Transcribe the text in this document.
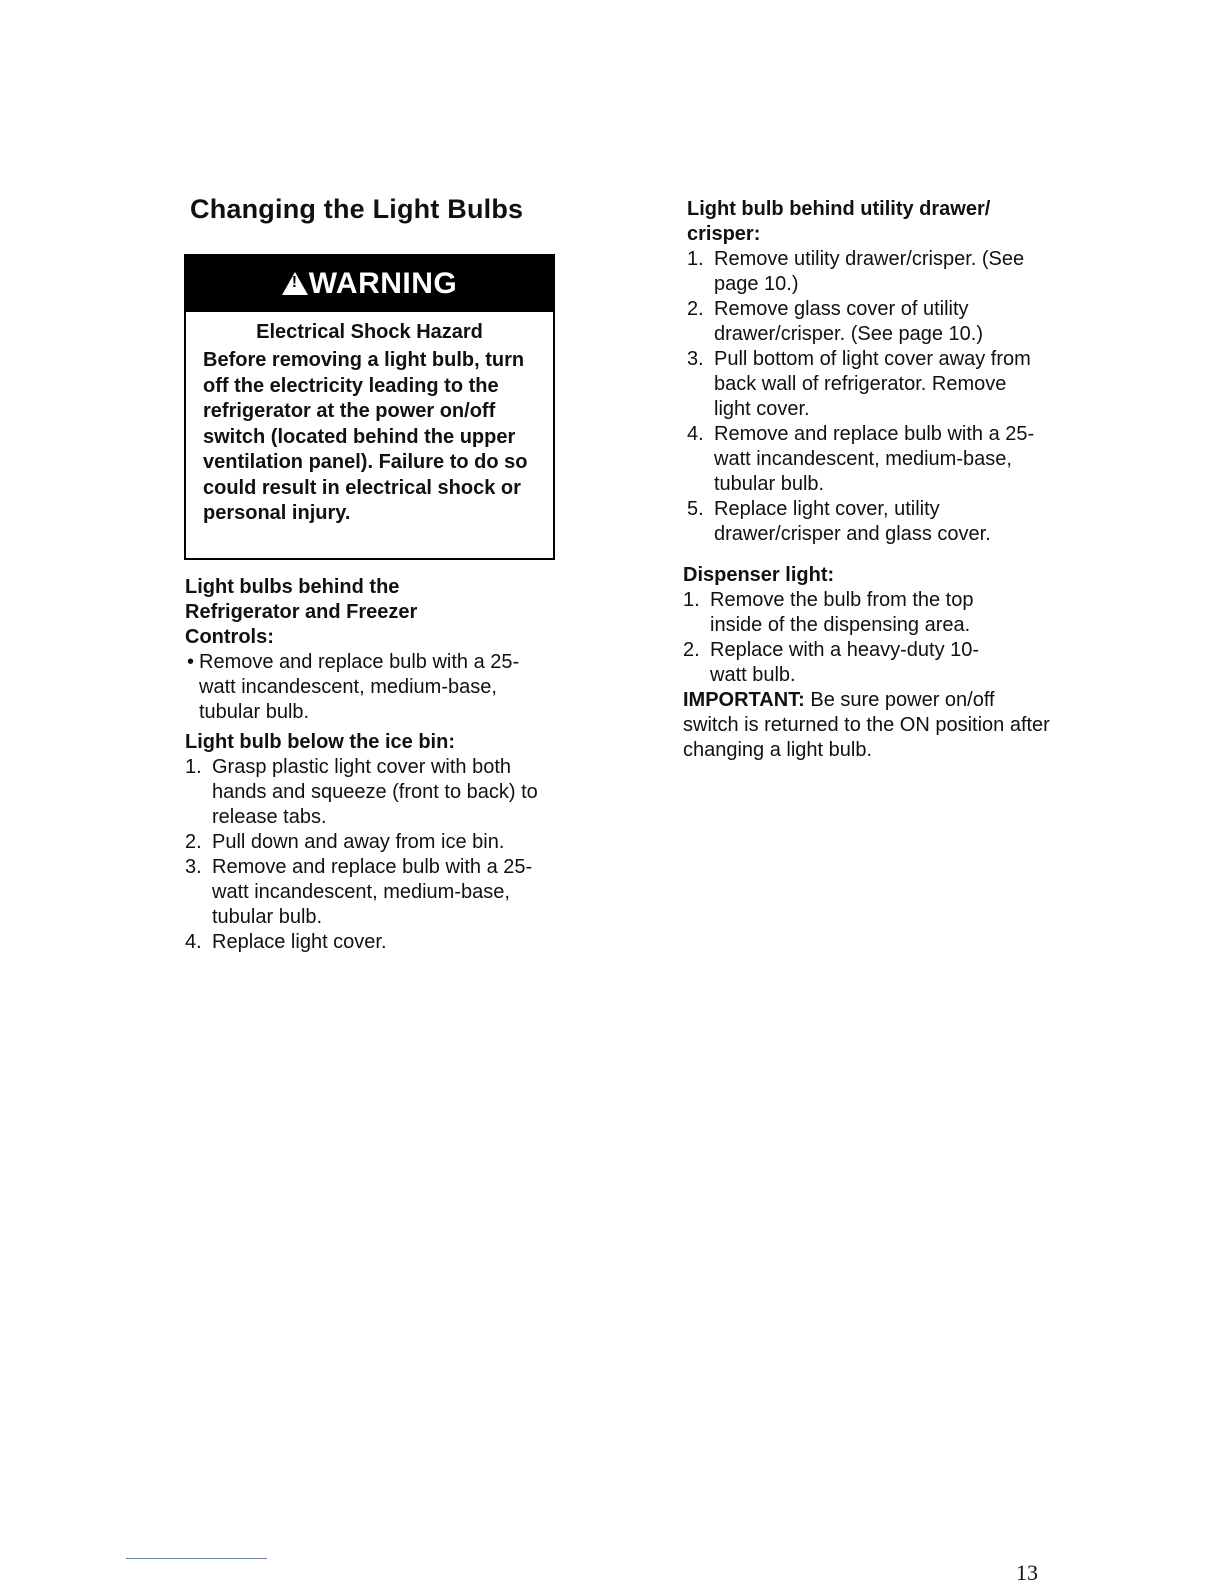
Changing the Light Bulbs
!
WARNING
Electrical Shock Hazard

Before removing a light bulb, turn off the electricity leading to the refrigerator at the power on/off switch (located behind the upper ventilation panel). Failure to do so could result in electrical shock or personal injury.

Light bulbs behind the Refrigerator and Freezer Controls:

• Remove and replace bulb with a 25-watt incandescent, medium-base, tubular bulb.

Light bulb below the ice bin:

1. Grasp plastic light cover with both hands and squeeze (front to back) to release tabs.
2. Pull down and away from ice bin.
3. Remove and replace bulb with a 25-watt incandescent, medium-base, tubular bulb.
4. Replace light cover.

Light bulb behind utility drawer/ crisper:

1. Remove utility drawer/crisper. (See page 10.)
2. Remove glass cover of utility drawer/crisper. (See page 10.)
3. Pull bottom of light cover away from back wall of refrigerator. Remove light cover.
4. Remove and replace bulb with a 25-watt incandescent, medium-base, tubular bulb.
5. Replace light cover, utility drawer/crisper and glass cover.

Dispenser light:

1. Remove the bulb from the top inside of the dispensing area.
2. Replace with a heavy-duty 10-watt bulb.

IMPORTANT: Be sure power on/off switch is returned to the ON position after changing a light bulb.

13
